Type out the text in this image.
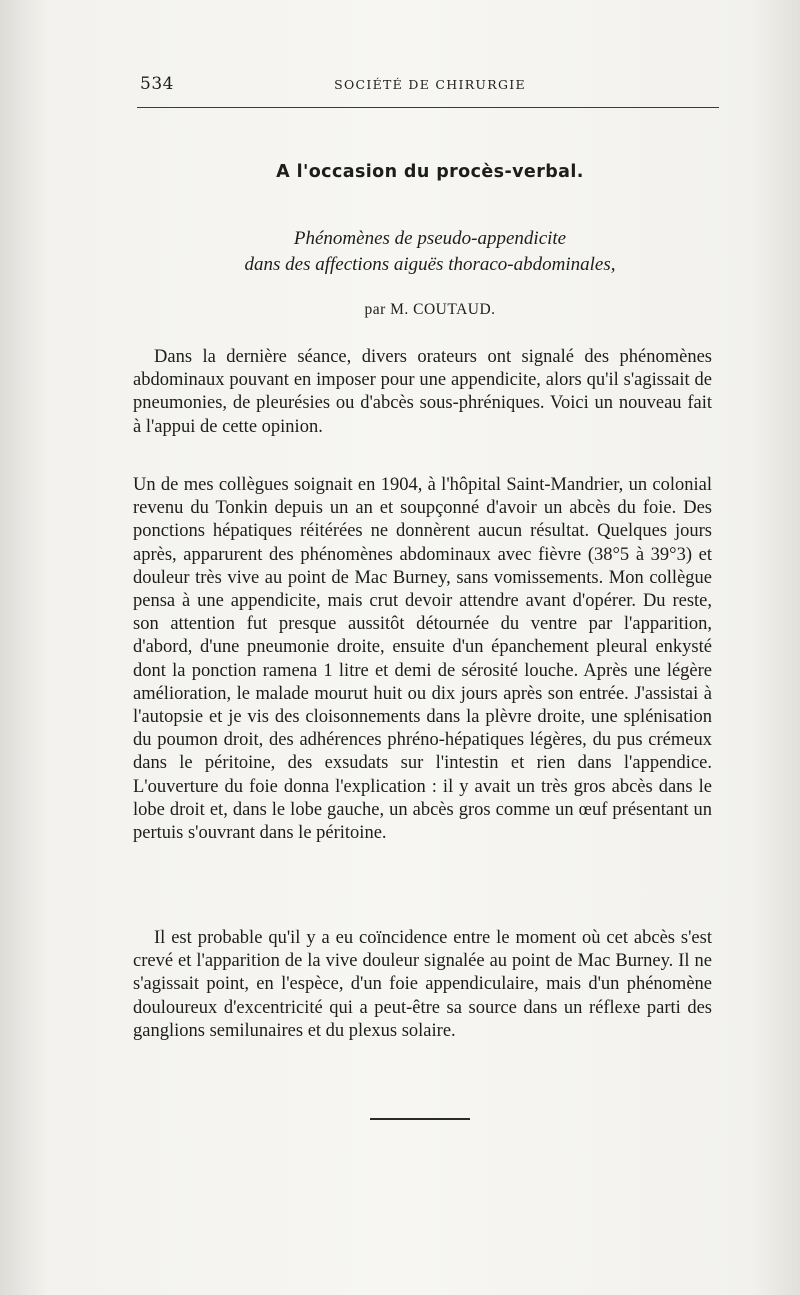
534	SOCIÉTÉ DE CHIRURGIE
A l'occasion du procès-verbal.
Phénomènes de pseudo-appendicite
dans des affections aiguës thoraco-abdominales,
par M. COUTAUD.

Dans la dernière séance, divers orateurs ont signalé des phénomènes abdominaux pouvant en imposer pour une appendicite, alors qu'il s'agissait de pneumonies, de pleurésies ou d'abcès sous-phréniques. Voici un nouveau fait à l'appui de cette opinion.

Un de mes collègues soignait en 1904, à l'hôpital Saint-Mandrier, un colonial revenu du Tonkin depuis un an et soupçonné d'avoir un abcès du foie. Des ponctions hépatiques réitérées ne donnèrent aucun résultat. Quelques jours après, apparurent des phénomènes abdominaux avec fièvre (38°5 à 39°3) et douleur très vive au point de Mac Burney, sans vomissements. Mon collègue pensa à une appendicite, mais crut devoir attendre avant d'opérer. Du reste, son attention fut presque aussitôt détournée du ventre par l'apparition, d'abord, d'une pneumonie droite, ensuite d'un épanchement pleural enkysté dont la ponction ramena 1 litre et demi de sérosité louche. Après une légère amélioration, le malade mourut huit ou dix jours après son entrée. J'assistai à l'autopsie et je vis des cloisonnements dans la plèvre droite, une splénisation du poumon droit, des adhérences phréno-hépatiques légères, du pus crémeux dans le péritoine, des exsudats sur l'intestin et rien dans l'appendice. L'ouverture du foie donna l'explication : il y avait un très gros abcès dans le lobe droit et, dans le lobe gauche, un abcès gros comme un œuf présentant un pertuis s'ouvrant dans le péritoine.

Il est probable qu'il y a eu coïncidence entre le moment où cet abcès s'est crevé et l'apparition de la vive douleur signalée au point de Mac Burney. Il ne s'agissait point, en l'espèce, d'un foie appendiculaire, mais d'un phénomène douloureux d'excentricité qui a peut-être sa source dans un réflexe parti des ganglions semilunaires et du plexus solaire.
